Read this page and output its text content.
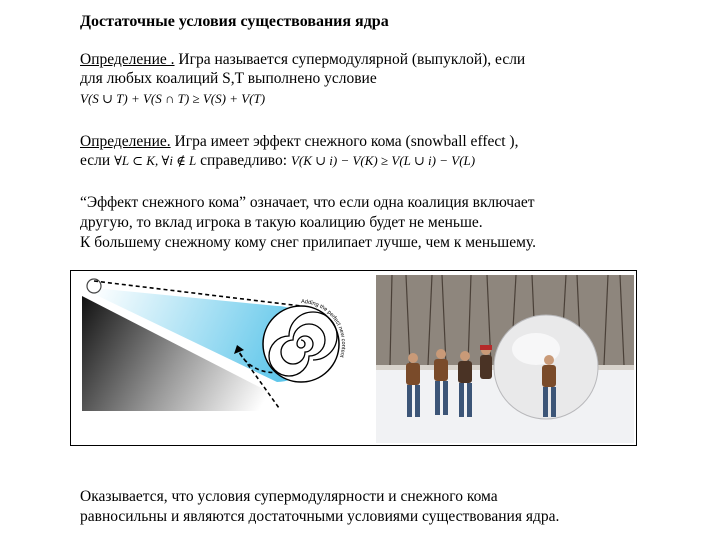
Достаточные условия существования ядра
Определение . Игра называется супермодулярной (выпуклой), если
для любых коалиций S,T выполнено условие
V(S ∪ T) + V(S ∩ T) ≥ V(S) + V(T)
Определение. Игра имеет эффект снежного кома (snowball effect ),
если ∀L ⊂ K, ∀i ∉ L справедливо: V(K ∪ i) − V(K) ≥ V(L ∪ i) − V(L)
“Эффект снежного кома” означает, что если одна коалиция включает
другую, то вклад игрока в такую коалицию будет не меньше.
К большему снежному кому снег прилипает лучше, чем к меньшему.
Adding the perfect new content
Оказывается, что условия супермодулярности и снежного кома
равносильны и являются достаточными условиями существования ядра.
